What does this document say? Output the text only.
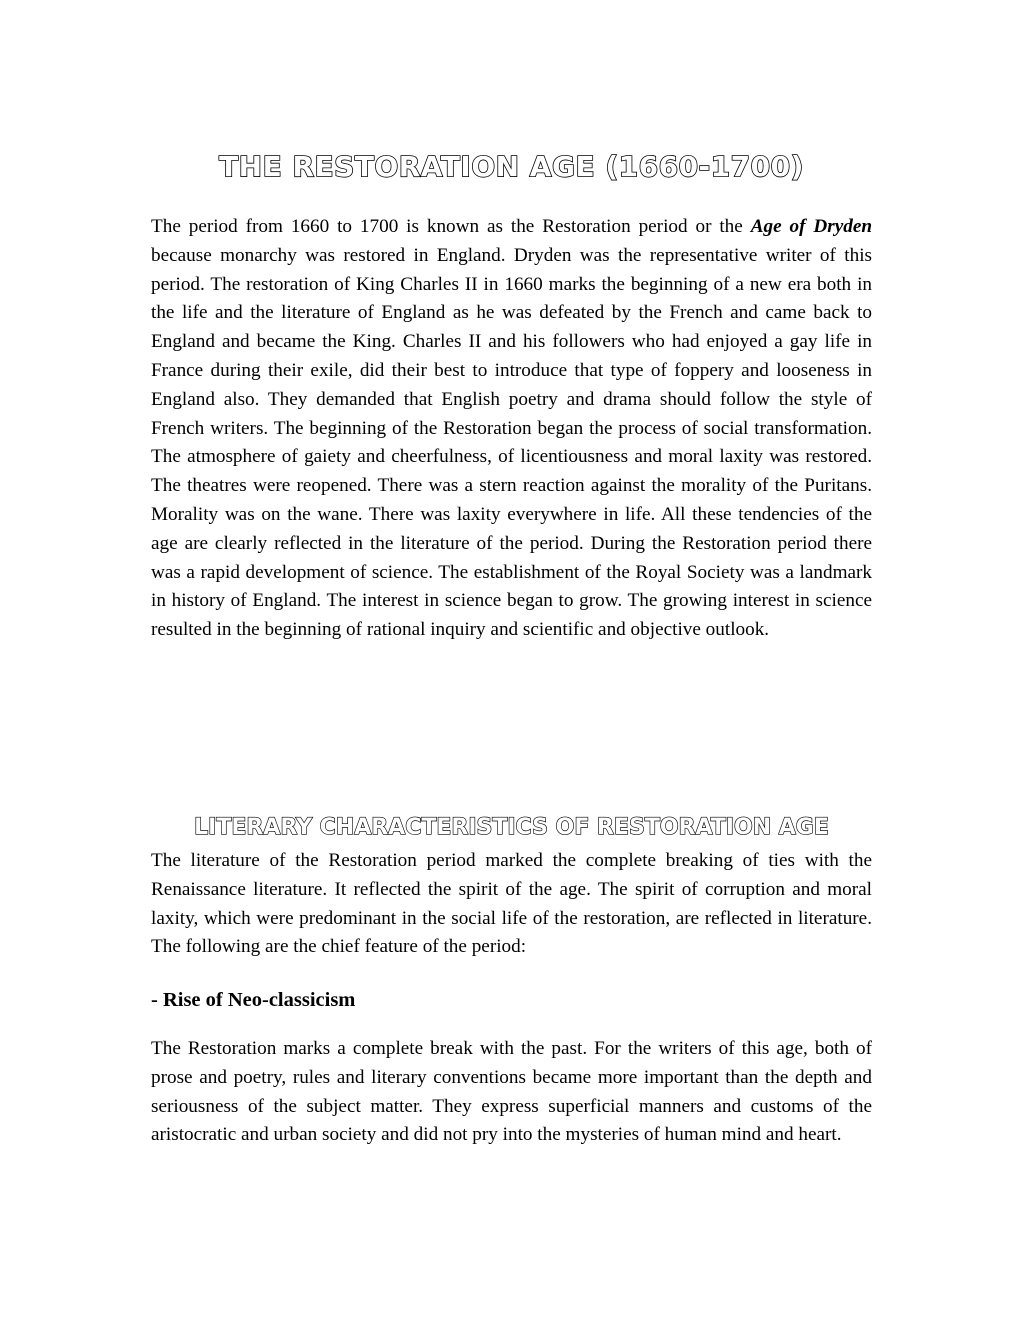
THE RESTORATION AGE (1660-1700)

The period from 1660 to 1700 is known as the Restoration period or the Age of Dryden because monarchy was restored in England. Dryden was the representative writer of this period. The restoration of King Charles II in 1660 marks the beginning of a new era both in the life and the literature of England as he was defeated by the French and came back to England and became the King. Charles II and his followers who had enjoyed a gay life in France during their exile, did their best to introduce that type of foppery and looseness in England also. They demanded that English poetry and drama should follow the style of French writers. The beginning of the Restoration began the process of social transformation. The atmosphere of gaiety and cheerfulness, of licentiousness and moral laxity was restored. The theatres were reopened. There was a stern reaction against the morality of the Puritans. Morality was on the wane. There was laxity everywhere in life. All these tendencies of the age are clearly reflected in the literature of the period. During the Restoration period there was a rapid development of science. The establishment of the Royal Society was a landmark in history of England. The interest in science began to grow. The growing interest in science resulted in the beginning of rational inquiry and scientific and objective outlook.

LITERARY CHARACTERISTICS OF RESTORATION AGE

The literature of the Restoration period marked the complete breaking of ties with the Renaissance literature. It reflected the spirit of the age. The spirit of corruption and moral laxity, which were predominant in the social life of the restoration, are reflected in literature. The following are the chief feature of the period:

- Rise of Neo-classicism

The Restoration marks a complete break with the past. For the writers of this age, both of prose and poetry, rules and literary conventions became more important than the depth and seriousness of the subject matter. They express superficial manners and customs of the aristocratic and urban society and did not pry into the mysteries of human mind and heart.
